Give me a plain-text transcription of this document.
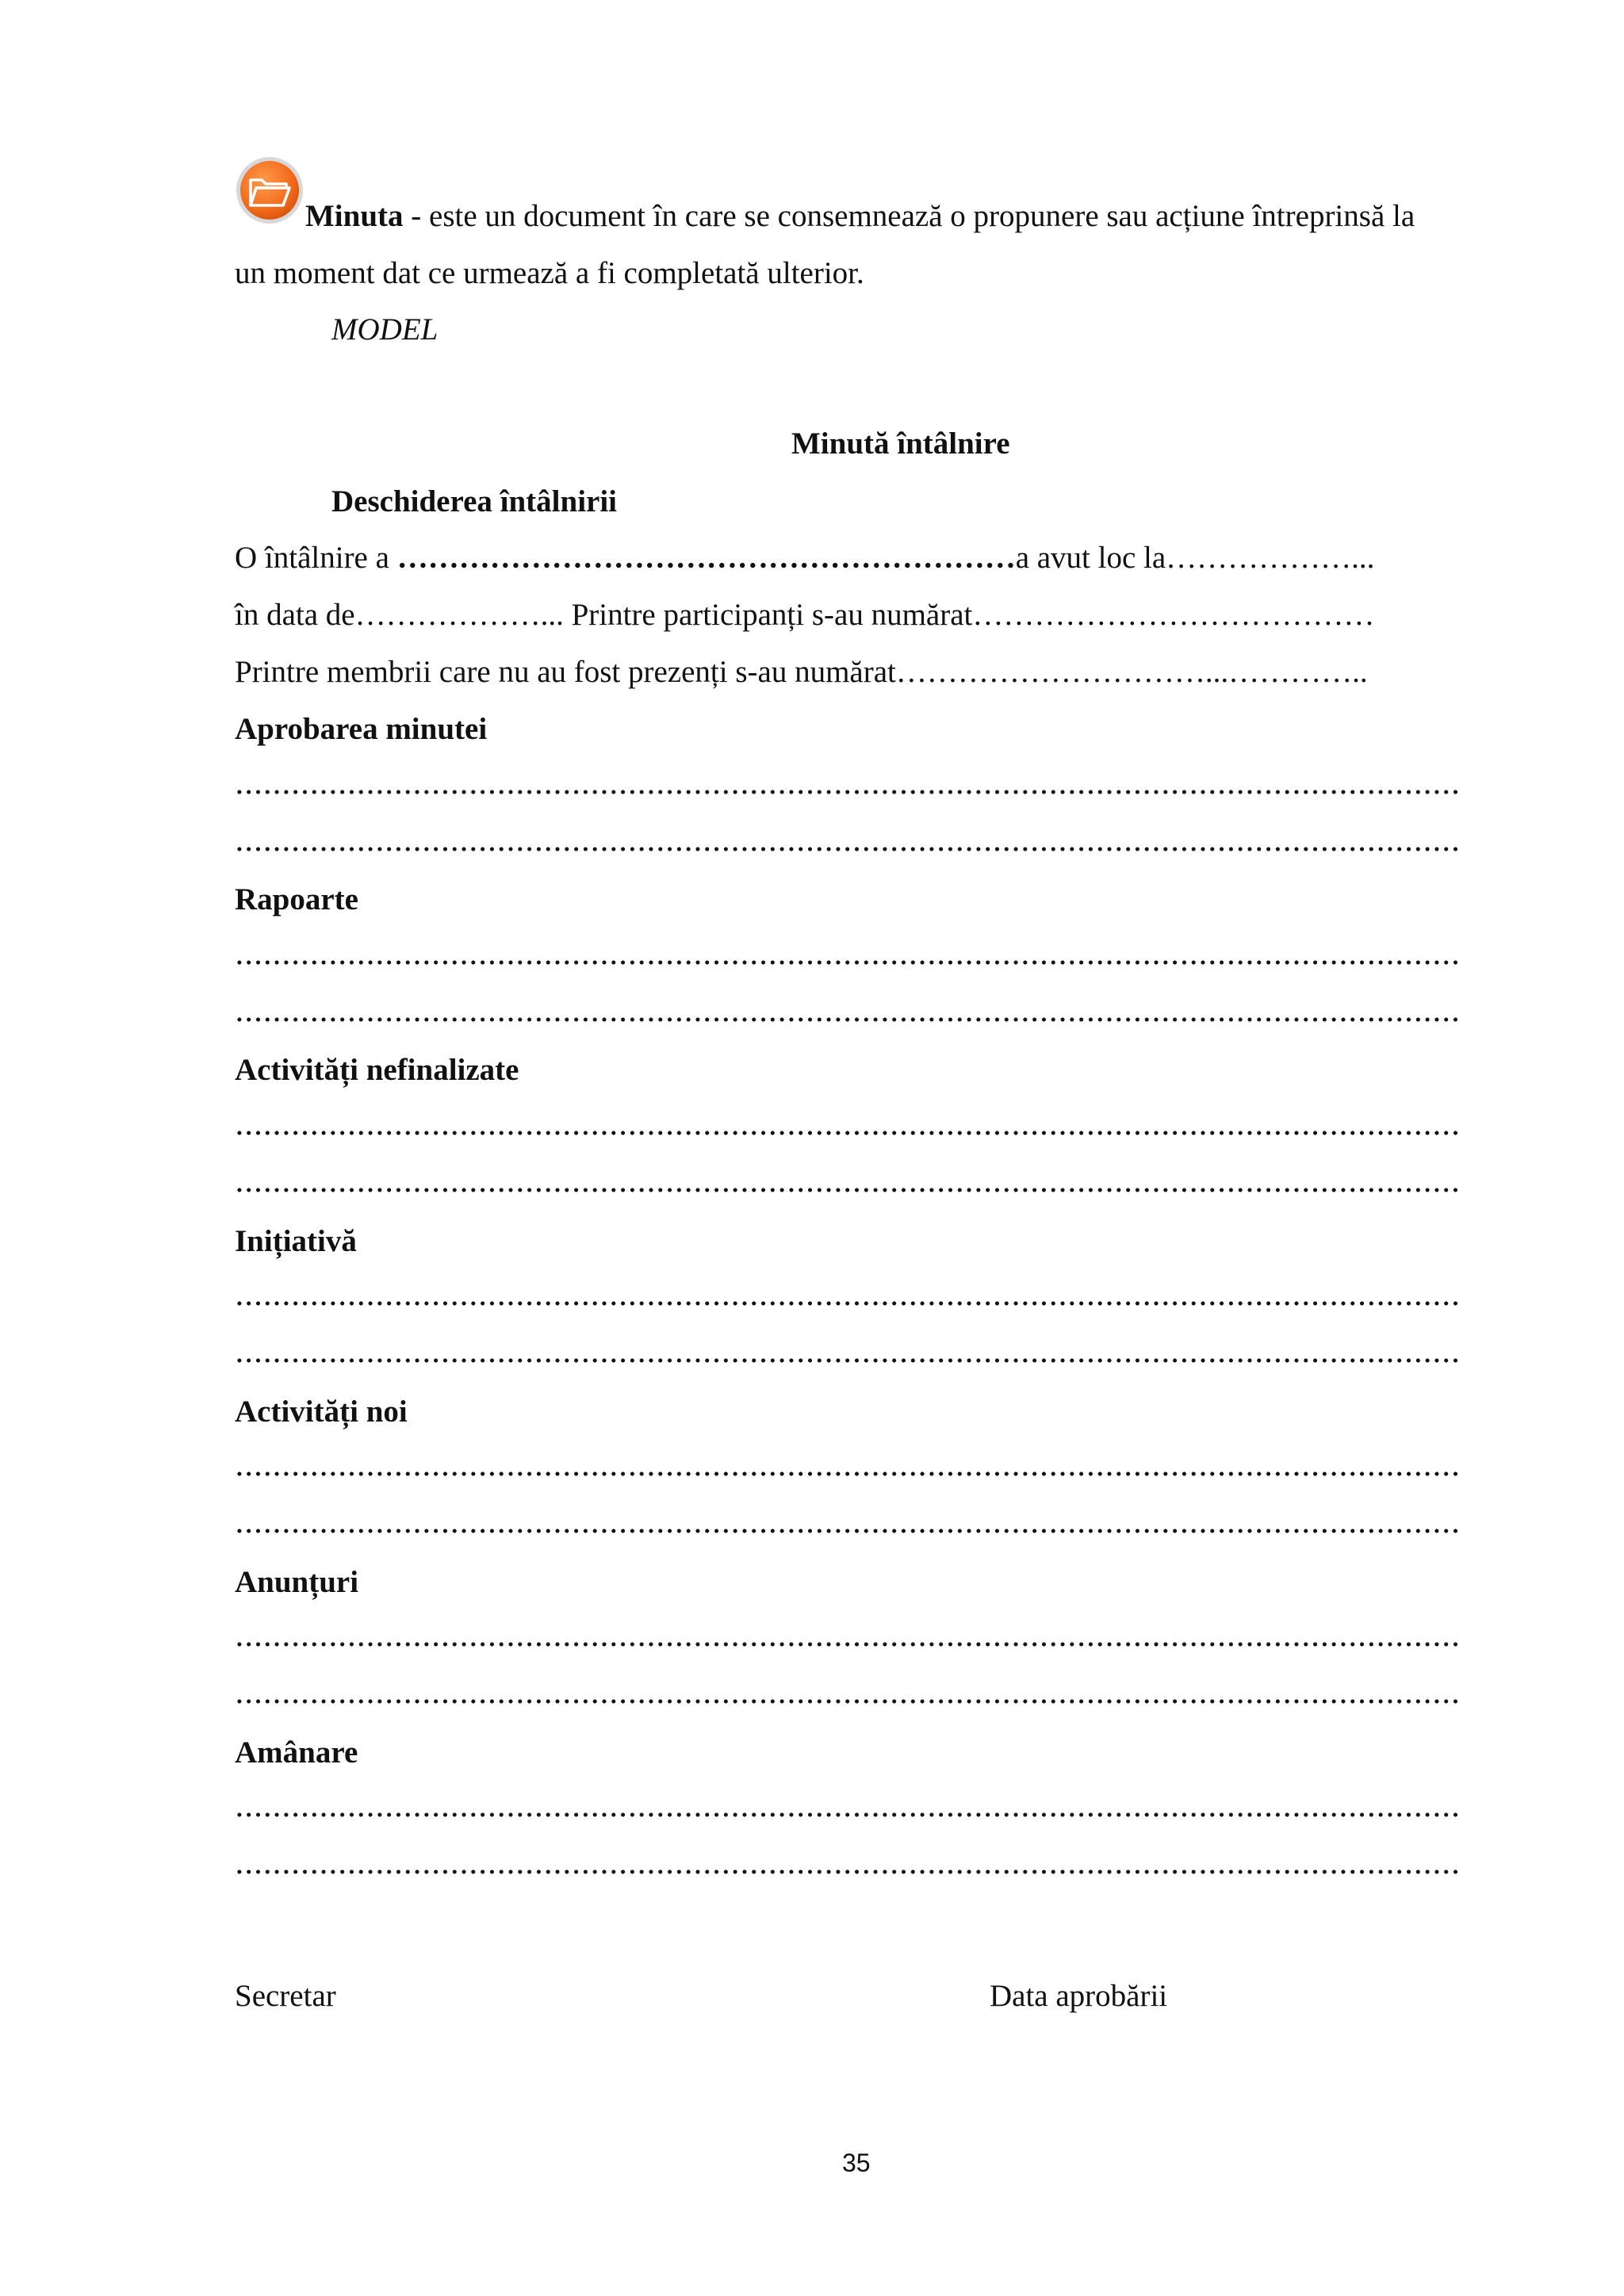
Minuta - este un document în care se consemnează o propunere sau acțiune întreprinsă la
un moment dat ce urmează a fi completată ulterior.
MODEL
Minută întâlnire
Deschiderea întâlnirii
O întâlnire a ……………………………………………………a avut loc la………………...
în data de………………... Printre participanți s-au numărat…………………………………
Printre membrii care nu au fost prezenți s-au numărat…………………………...…………..
Aprobarea minutei
Rapoarte
Activități nefinalizate
Inițiativă
Activități noi
Anunțuri
Amânare
Secretar	Data aprobării
35
